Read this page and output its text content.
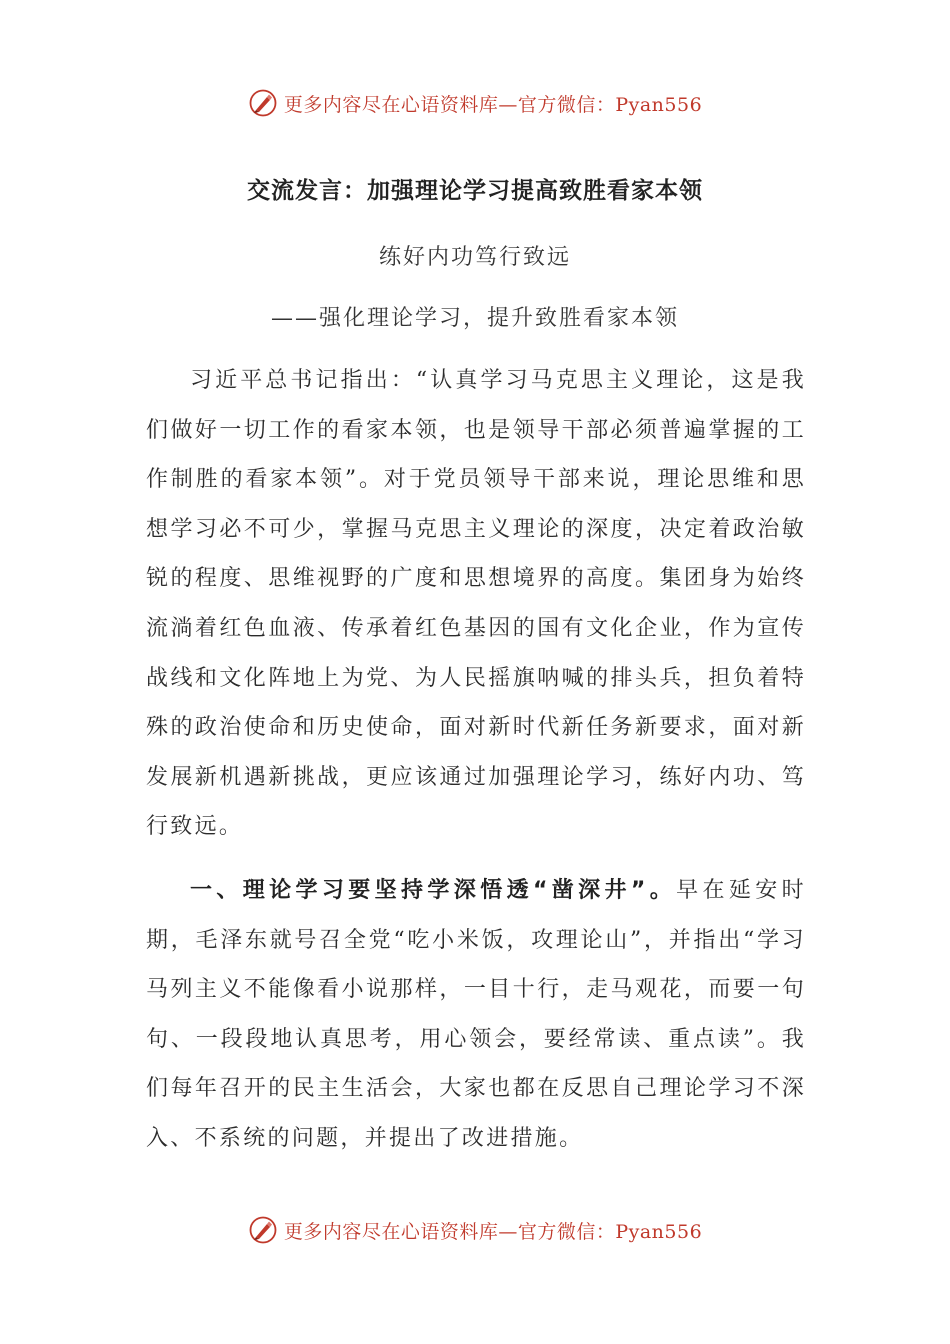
更多内容尽在心语资料库—官方微信：Pyan556
交流发言：加强理论学习提高致胜看家本领
练好内功笃行致远
——强化理论学习，提升致胜看家本领

习近平总书记指出：“认真学习马克思主义理论，这是我们做好一切工作的看家本领，也是领导干部必须普遍掌握的工作制胜的看家本领”。对于党员领导干部来说，理论思维和思想学习必不可少，掌握马克思主义理论的深度，决定着政治敏锐的程度、思维视野的广度和思想境界的高度。集团身为始终流淌着红色血液、传承着红色基因的国有文化企业，作为宣传战线和文化阵地上为党、为人民摇旗呐喊的排头兵，担负着特殊的政治使命和历史使命，面对新时代新任务新要求，面对新发展新机遇新挑战，更应该通过加强理论学习，练好内功、笃行致远。

一、理论学习要坚持学深悟透“凿深井”。早在延安时期，毛泽东就号召全党“吃小米饭，攻理论山”，并指出“学习马列主义不能像看小说那样，一目十行，走马观花，而要一句句、一段段地认真思考，用心领会，要经常读、重点读”。我们每年召开的民主生活会，大家也都在反思自己理论学习不深入、不系统的问题，并提出了改进措施。

更多内容尽在心语资料库—官方微信：Pyan556
